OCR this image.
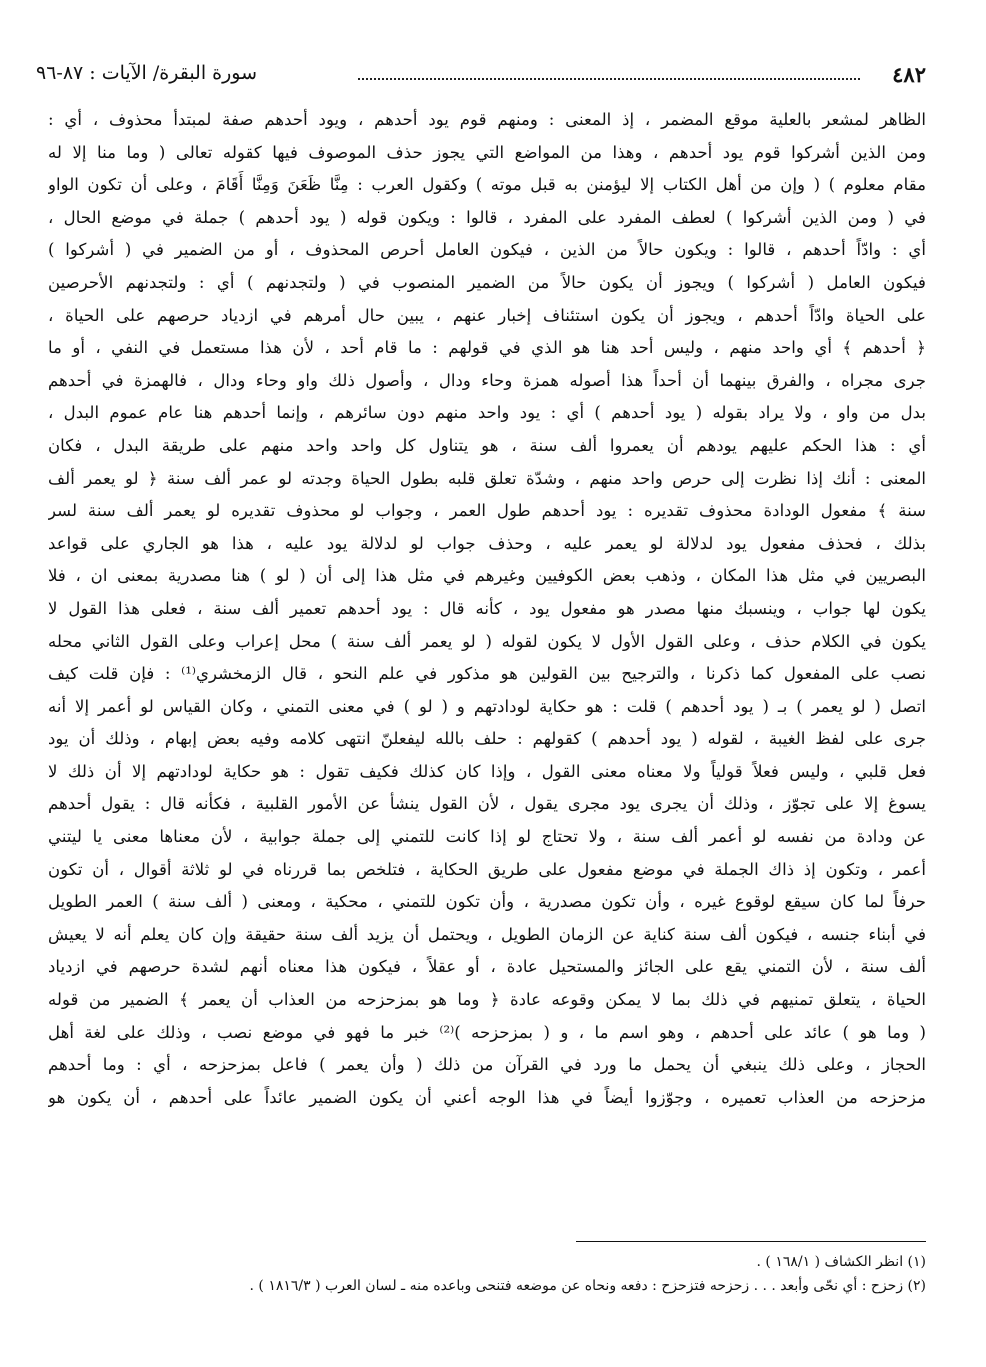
٤٨٢
سورة البقرة/ الآيات : ٨٧-٩٦
الظاهر لمشعر بالعلية موقع المضمر ، إذ المعنى : ومنهم قوم يود أحدهم ، ويود أحدهم صفة لمبتدأ محذوف ، أي :
ومن الذين أشركوا قوم يود أحدهم ، وهذا من المواضع التي يجوز حذف الموصوف فيها كقوله تعالى ( وما منا إلا له
مقام معلوم ) ( وإن من أهل الكتاب إلا ليؤمنن به قبل موته ) وكقول العرب : مِنَّا ظَعَنَ وَمِنَّا أَقَامَ ، وعلى أن تكون الواو
في ( ومن الذين أشركوا ) لعطف المفرد على المفرد ، قالوا : ويكون قوله ( يود أحدهم ) جملة في موضع الحال ،
أي : وادّاً أحدهم ، قالوا : ويكون حالاً من الذين ، فيكون العامل أحرص المحذوف ، أو من الضمير في ( أشركوا )
فيكون العامل ( أشركوا ) ويجوز أن يكون حالاً من الضمير المنصوب في ( ولتجدنهم ) أي : ولتجدنهم الأحرصين
على الحياة وادّاً أحدهم ، ويجوز أن يكون استئناف إخبار عنهم ، يبين حال أمرهم في ازدياد حرصهم على الحياة ،
﴿ أحدهم ﴾ أي واحد منهم ، وليس أحد هنا هو الذي في قولهم : ما قام أحد ، لأن هذا مستعمل في النفي ، أو ما
جرى مجراه ، والفرق بينهما أن أحداً هذا أصوله همزة وحاء ودال ، وأصول ذلك واو وحاء ودال ، فالهمزة في أحدهم
بدل من واو ، ولا يراد بقوله ( يود أحدهم ) أي : يود واحد منهم دون سائرهم ، وإنما أحدهم هنا عام عموم البدل ،
أي : هذا الحكم عليهم يودهم أن يعمروا ألف سنة ، هو يتناول كل واحد واحد منهم على طريقة البدل ، فكان
المعنى : أنك إذا نظرت إلى حرص واحد منهم ، وشدّة تعلق قلبه بطول الحياة وجدته لو عمر ألف سنة ﴿ لو يعمر ألف
سنة ﴾ مفعول الودادة محذوف تقديره : يود أحدهم طول العمر ، وجواب لو محذوف تقديره لو يعمر ألف سنة لسر
بذلك ، فحذف مفعول يود لدلالة لو يعمر عليه ، وحذف جواب لو لدلالة يود عليه ، هذا هو الجاري على قواعد
البصريين في مثل هذا المكان ، وذهب بعض الكوفيين وغيرهم في مثل هذا إلى أن ( لو ) هنا مصدرية بمعنى ان ، فلا
يكون لها جواب ، وينسبك منها مصدر هو مفعول يود ، كأنه قال : يود أحدهم تعمير ألف سنة ، فعلى هذا القول لا
يكون في الكلام حذف ، وعلى القول الأول لا يكون لقوله ( لو يعمر ألف سنة ) محل إعراب وعلى القول الثاني محله
نصب على المفعول كما ذكرنا ، والترجيح بين القولين هو مذكور في علم النحو ، قال الزمخشري⁽¹⁾ : فإن قلت كيف
اتصل ( لو يعمر ) بـ ( يود أحدهم ) قلت : هو حكاية لودادتهم و ( لو ) في معنى التمني ، وكان القياس لو أعمر إلا أنه
جرى على لفظ الغيبة ، لقوله ( يود أحدهم ) كقولهم : حلف بالله ليفعلنّ انتهى كلامه وفيه بعض إبهام ، وذلك أن يود
فعل قلبي ، وليس فعلاً قولياً ولا معناه معنى القول ، وإذا كان كذلك فكيف تقول : هو حكاية لودادتهم إلا أن ذلك لا
يسوغ إلا على تجوّز ، وذلك أن يجرى يود مجرى يقول ، لأن القول ينشأ عن الأمور القلبية ، فكأنه قال : يقول أحدهم
عن ودادة من نفسه لو أعمر ألف سنة ، ولا تحتاج لو إذا كانت للتمني إلى جملة جوابية ، لأن معناها معنى يا ليتني
أعمر ، وتكون إذ ذاك الجملة في موضع مفعول على طريق الحكاية ، فتلخص بما قررناه في لو ثلاثة أقوال ، أن تكون
حرفاً لما كان سيقع لوقوع غيره ، وأن تكون مصدرية ، وأن تكون للتمني ، محكية ، ومعنى ( ألف سنة ) العمر الطويل
في أبناء جنسه ، فيكون ألف سنة كناية عن الزمان الطويل ، ويحتمل أن يزيد ألف سنة حقيقة وإن كان يعلم أنه لا يعيش
ألف سنة ، لأن التمني يقع على الجائز والمستحيل عادة ، أو عقلاً ، فيكون هذا معناه أنهم لشدة حرصهم في ازدياد
الحياة ، يتعلق تمنيهم في ذلك بما لا يمكن وقوعه عادة ﴿ وما هو بمزحزحه من العذاب أن يعمر ﴾ الضمير من قوله
( وما هو ) عائد على أحدهم ، وهو اسم ما ، و ( بمزحزحه )⁽²⁾ خبر ما فهو في موضع نصب ، وذلك على لغة أهل
الحجاز ، وعلى ذلك ينبغي أن يحمل ما ورد في القرآن من ذلك ( وأن يعمر ) فاعل بمزحزحه ، أي : وما أحدهم
مزحزحه من العذاب تعميره ، وجوّزوا أيضاً في هذا الوجه أعني أن يكون الضمير عائداً على أحدهم ، أن يكون هو
(١) انظر الكشاف ( ١٦٨/١ ) .
(٢) زحزح : أي نحّى وأبعد . . . زحزحه فتزحزح : دفعه ونحاه عن موضعه فتنحى وباعده منه ـ لسان العرب ( ١٨١٦/٣ ) .
